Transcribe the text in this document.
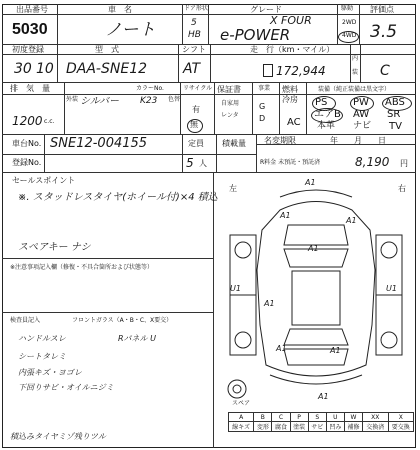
出品番号
5030
車　名
ノート
ドア形状
5
HB
グレード
X FOUR
e-POWER
駆動
2WD
4WD
評価点
3.5
初度登録
30 10
型　式
DAA-SNE12
シフト
AT
走　行（km・マイル）
172,944
内
装 C
排　気　量
1200 c.c.
外装 シルバー
カラーNo.
K23 色替
リサイクル
有
無
保証書
自家用
レンタ
事業 燃料
G
D
冷房
AC
装備（純正装備は黒文字）
PS	PW ABS
エアB AW SR
本革 ナビ TV
車台No. SNE12-004155
登録No.
定員
5 人
積載量 名変期限	年　　月　　日
R料金 未預託・預託済	8,190 円
セールスポイント
※. スタッドレスタイヤ(ホイール付)×4 積込
スペアキー ナシ
※注意事項記入欄（修復・不具合箇所および状態等）
検査員記入	フロントガラス（A・B・C、X要交）
ハンドルスレ	Rパネル U
シートタレミ
内張キズ・ヨゴレ
下回りサビ・オイルニジミ
積込みタイヤミゾ残りツル
左	右
A1
A1
A1
A1
U1	U1
A1
A1	A1
A1
スペア
A	B	C	P	S	U	W	XX	X
線キズ	変形	腐食	塗装	サビ	凹み	補修	交換済	要交換
